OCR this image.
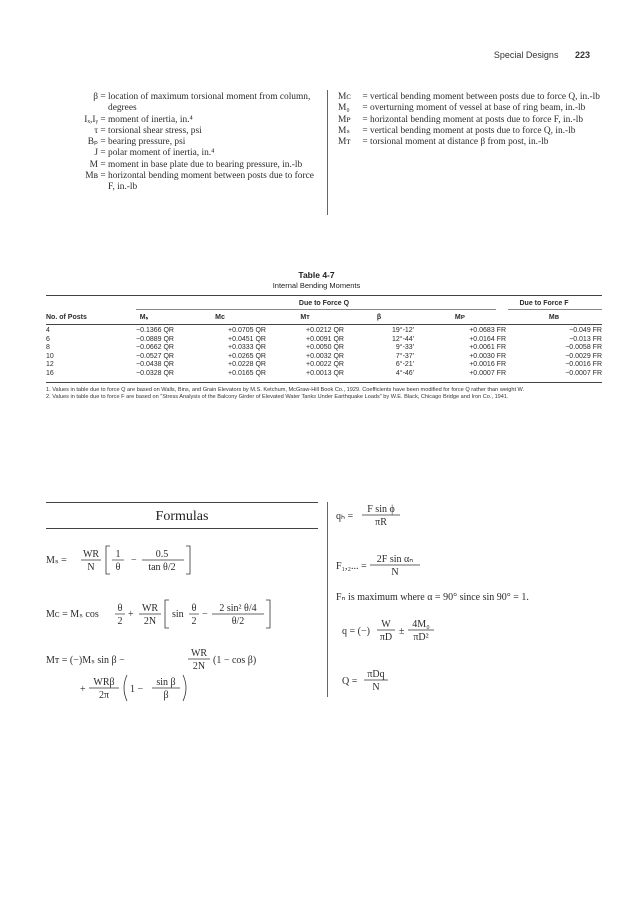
Special Designs 223
β = location of maximum torsional moment from column, degrees
Iₓ,Iᵧ = moment of inertia, in.⁴
τ = torsional shear stress, psi
Bₚ = bearing pressure, psi
J = polar moment of inertia, in.⁴
M = moment in base plate due to bearing pressure, in.-lb
Mʙ = horizontal bending moment between posts due to force F, in.-lb
Mᴄ	= vertical bending moment between posts due to force Q, in.-lb
M₀	= overturning moment of vessel at base of ring beam, in.-lb
Mᴘ	= horizontal bending moment at posts due to force F, in.-lb
Mₛ	= vertical bending moment at posts due to force Q, in.-lb
Mᴛ	= torsional moment at distance β from post, in.-lb
Table 4-7
Internal Bending Moments
Due to Force Q	Due to Force F
No. of Posts	Mₛ	Mᴄ	Mᴛ	β	Mᴘ	Mʙ
4	−0.1366 QR	+0.0705 QR	+0.0212 QR	19°-12′	+0.0683 FR	−0.049 FR
6	−0.0889 QR	+0.0451 QR	+0.0091 QR	12°-44′	+0.0164 FR	−0.013 FR
8	−0.0662 QR	+0.0333 QR	+0.0050 QR	9°-33′	+0.0061 FR	−0.0058 FR
10	−0.0527 QR	+0.0265 QR	+0.0032 QR	7°-37′	+0.0030 FR	−0.0029 FR
12	−0.0438 QR	+0.0228 QR	+0.0022 QR	6°-21′	+0.0016 FR	−0.0016 FR
16	−0.0328 QR	+0.0165 QR	+0.0013 QR	4°-46′	+0.0007 FR	−0.0007 FR
1. Values in table due to force Q are based on Walls, Bins, and Grain Elevators by M.S. Ketchum, McGraw-Hill Book Co., 1929. Coefficients have been modified for force Q rather than weight W.
2. Values in table due to force F are based on “Stress Analysis of the Balcony Girder of Elevated Water Tanks Under Earthquake Loads” by W.E. Black, Chicago Bridge and Iron Co., 1941.
Formulas
Mₛ =
WR
N
1
θ
−
0.5
tan θ/2
Mᴄ = Mₛ cos
θ
2
+
WR
2N
sin
θ
2
−
2 sin² θ/4
θ/2
Mᴛ = (−)Mₛ sin β −
WR
2N
(1 − cos β)
+
WRβ
2π
1 −
sin β
β
qₕ =
F sin ϕ
πR
F₁,₂... =
2F sin αₙ
N
Fₙ is maximum where α = 90° since sin 90° = 1.
q = (−)
W
πD
±
4M₀
πD²
Q =
πDq
N
